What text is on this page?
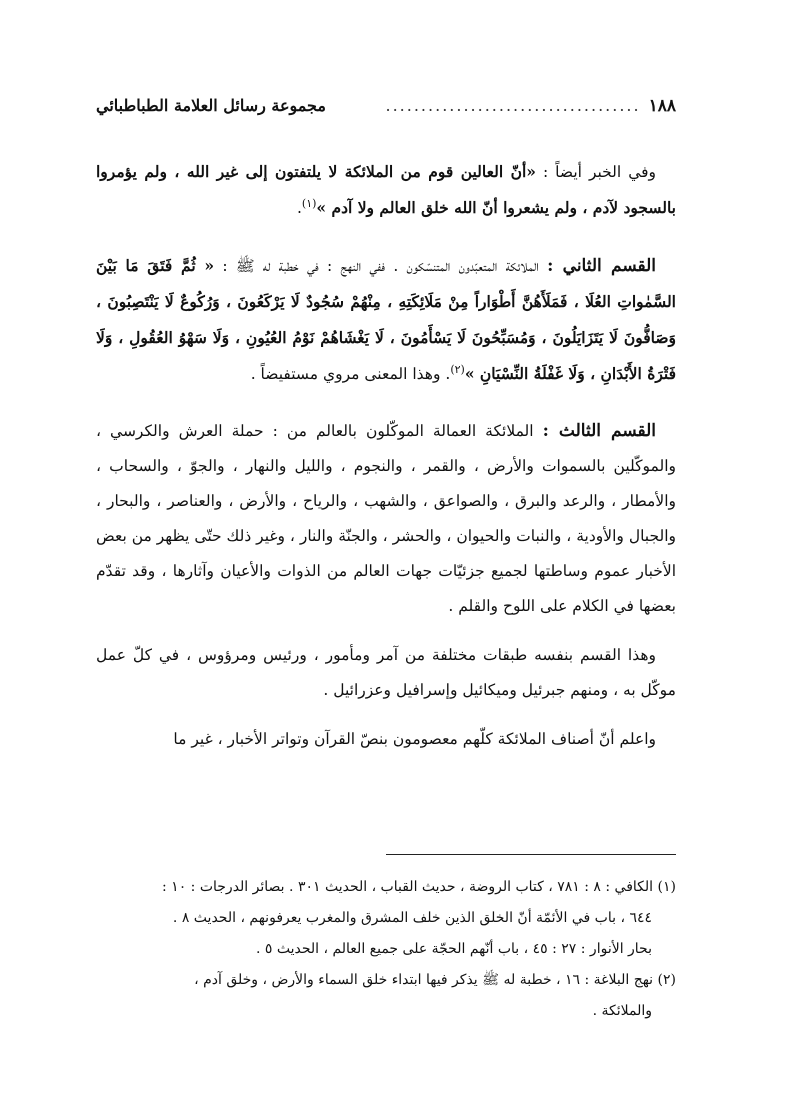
١٨٨
....................................
مجموعة رسائل العلامة الطباطبائي

وفي الخبر أيضاً : «أنّ العالين قوم من الملائكة لا يلتفتون إلى غير الله ، ولم يؤمروا بالسجود لآدم ، ولم يشعروا أنّ الله خلق العالم ولا آدم »$^{(١)}$.

القسم الثاني : الملائكة المتعبّدون المتنسّكون . ففي النهج : في خطبة له ﷺ : « ثُمَّ فَتَقَ مَا بَيْنَ السَّمٰواتِ العُلَا ، فَمَلَأَهُنَّ أَطْوَاراً مِنْ مَلَائِكَتِهِ ، مِنْهُمْ سُجُودٌ لَا يَرْكَعُونَ ، وَرُكُوعٌ لَا يَنْتَصِبُونَ ، وَصَافُّونَ لَا يَتَزَايَلُونَ ، وَمُسَبِّحُونَ لَا يَسْأَمُونَ ، لَا يَغْشَاهُمْ نَوْمُ العُيُونِ ، وَلَا سَهْوُ العُقُولِ ، وَلَا فَتْرَةُ الأَبْدَانِ ، وَلَا غَفْلَةُ النِّسْيَانِ »$^{(٢)}$. وهذا المعنى مروي مستفيضاً .

القسم الثالث : الملائكة العمالة الموكّلون بالعالم من : حملة العرش والكرسي ، والموكّلين بالسموات والأرض ، والقمر ، والنجوم ، والليل والنهار ، والجوّ ، والسحاب ، والأمطار ، والرعد والبرق ، والصواعق ، والشهب ، والرياح ، والأرض ، والعناصر ، والبحار ، والجبال والأودية ، والنبات والحيوان ، والحشر ، والجنّة والنار ، وغير ذلك حتّى يظهر من بعض الأخبار عموم وساطتها لجميع جزئيّات جهات العالم من الذوات والأعيان وآثارها ، وقد تقدّم بعضها في الكلام على اللوح والقلم .

وهذا القسم بنفسه طبقات مختلفة من آمر ومأمور ، ورئيس ومرؤوس ، في كلّ عمل موكّل به ، ومنهم جبرئيل وميكائيل وإسرافيل وعزرائيل .

واعلم أنّ أصناف الملائكة كلّهم معصومون بنصّ القرآن وتواتر الأخبار ، غير ما

(١) الكافي : ٨ : ٧٨١ ، كتاب الروضة ، حديث القباب ، الحديث ٣٠١ . بصائر الدرجات : ١٠ :

٦٤٤ ، باب في الأئمّة أنّ الخلق الذين خلف المشرق والمغرب يعرفونهم ، الحديث ٨ .

بحار الأنوار : ٢٧ : ٤٥ ، باب أنّهم الحجّة على جميع العالم ، الحديث ٥ .

(٢) نهج البلاغة : ١٦ ، خطبة له ﷺ يذكر فيها ابتداء خلق السماء والأرض ، وخلق آدم ،

والملائكة .
